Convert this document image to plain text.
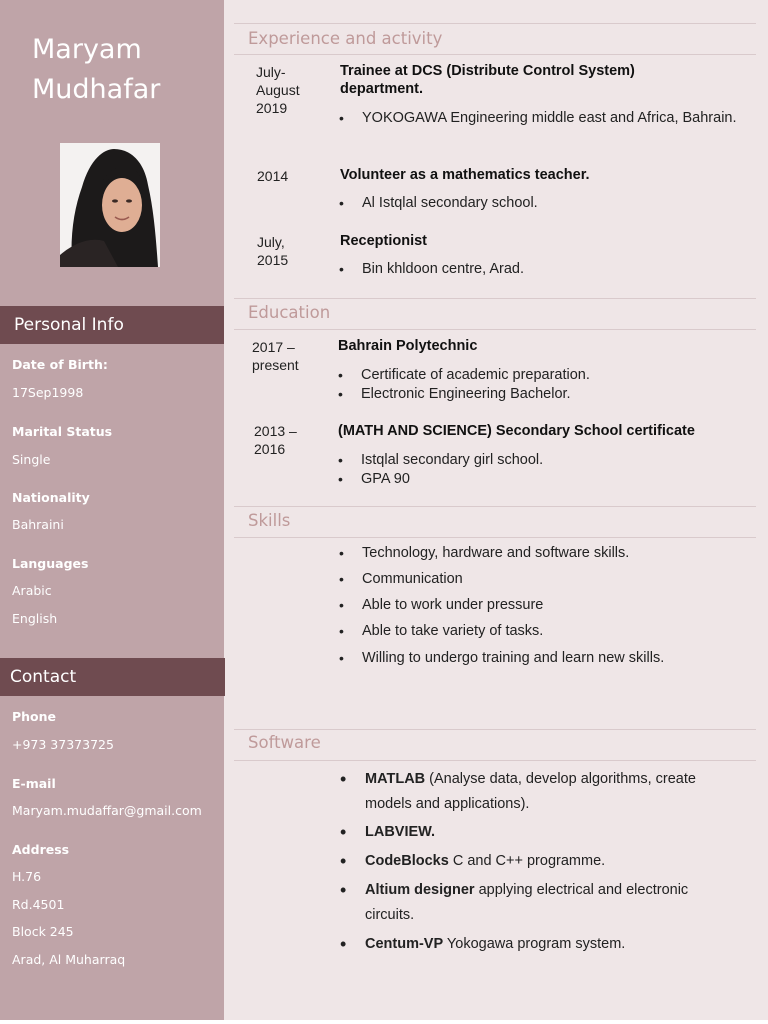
Maryam
Mudhafar
Personal Info
Date of Birth:
17Sep1998
Marital Status
Single
Nationality
Bahraini
Languages
Arabic
English
Contact
Phone
+973 37373725
E-mail
Maryam.mudaffar@gmail.com
Address
H.76
Rd.4501
Block 245
Arad, Al Muharraq
Experience and activity
July-
August
2019
Trainee at DCS (Distribute Control System) department.
• YOKOGAWA Engineering middle east and Africa, Bahrain.
2014	Volunteer as a mathematics teacher.
• Al Istqlal secondary school.
July,
2015
Receptionist
• Bin khldoon centre, Arad.
Education
2017 –
present
Bahrain Polytechnic
• Certificate of academic preparation.
• Electronic Engineering Bachelor.
2013 –
2016
(MATH AND SCIENCE) Secondary School certificate
• Istqlal secondary girl school.
• GPA 90
Skills
• Technology, hardware and software skills.
• Communication
• Able to work under pressure
• Able to take variety of tasks.
• Willing to undergo training and learn new skills.
Software
• MATLAB (Analyse data, develop algorithms, create models and applications).
• LABVIEW.
• CodeBlocks C and C++ programme.
• Altium designer applying electrical and electronic circuits.
• Centum-VP Yokogawa program system.
